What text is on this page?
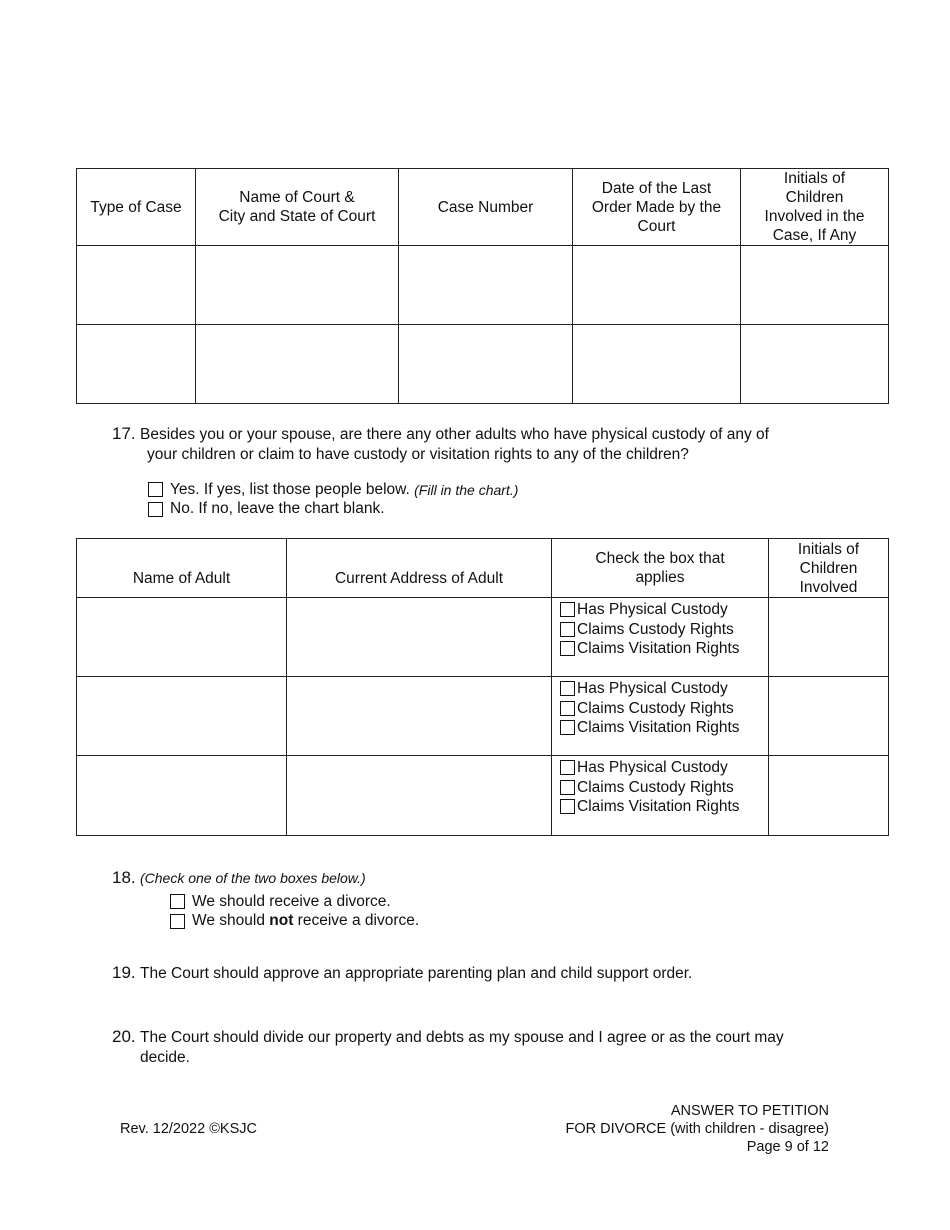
Type of Case	Name of Court &
City and State of Court	Case Number	Date of the Last Order Made by the Court	Initials of Children Involved in the Case, If Any

17. Besides you or your spouse, are there any other adults who have physical custody of any of
your children or claim to have custody or visitation rights to any of the children?
Yes. If yes, list those people below.
(Fill in the chart.)
No. If no, leave the chart blank.
Name of Adult	Current Address of Adult	Check the box that applies	Initials of Children Involved

		Has Physical Custody
Claims Custody Rights
Claims Visitation Rights	

		Has Physical Custody
Claims Custody Rights
Claims Visitation Rights	

		Has Physical Custody
Claims Custody Rights
Claims Visitation Rights	

18. (Check one of the two boxes below.)
We should receive a divorce.
We should not receive a divorce.
19. The Court should approve an appropriate parenting plan and child support order.
20. The Court should divide our property and debts as my spouse and I agree or as the court may
decide.
Rev. 12/2022 ©KSJC
ANSWER TO PETITION
FOR DIVORCE (with children - disagree)
Page 9 of 12
